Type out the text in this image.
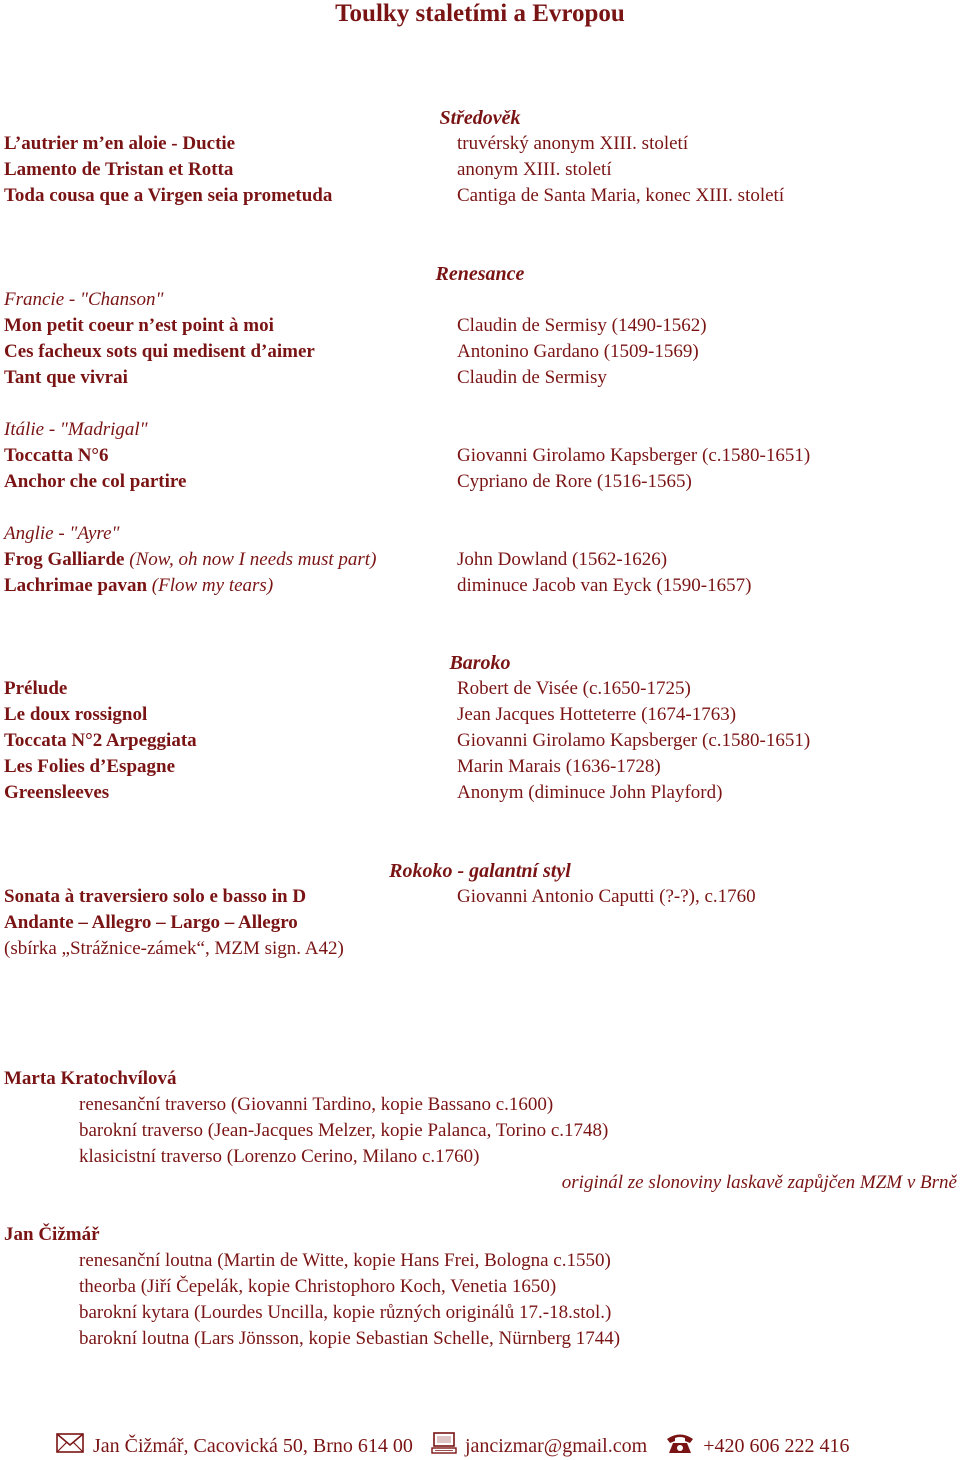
Toulky staletími a Evropou
Středověk
L’autrier m’en aloie - Ductie	truvérský anonym XIII. století
Lamento de Tristan et Rotta	anonym XIII. století
Toda cousa que a Virgen seia prometuda	Cantiga de Santa Maria, konec XIII. století
Renesance
Francie - "Chanson"
Mon petit coeur n’est point à moi	Claudin de Sermisy (1490-1562)
Ces facheux sots qui medisent d’aimer	Antonino Gardano (1509-1569)
Tant que vivrai	Claudin de Sermisy
Itálie - "Madrigal"
Toccatta N°6	Giovanni Girolamo Kapsberger (c.1580-1651)
Anchor che col partire	Cypriano de Rore (1516-1565)
Anglie - "Ayre"
Frog Galliarde (Now, oh now I needs must part)	John Dowland (1562-1626)
Lachrimae pavan (Flow my tears)	diminuce Jacob van Eyck (1590-1657)
Baroko
Prélude	Robert de Visée (c.1650-1725)
Le doux rossignol	Jean Jacques Hotteterre (1674-1763)
Toccata N°2 Arpeggiata	Giovanni Girolamo Kapsberger (c.1580-1651)
Les Folies d’Espagne	Marin Marais (1636-1728)
Greensleeves	Anonym (diminuce John Playford)
Rokoko - galantní styl
Sonata à traversiero solo e basso in D	Giovanni Antonio Caputti (?-?), c.1760
Andante – Allegro – Largo – Allegro
(sbírka „Strážnice-zámek“, MZM sign. A42)
Marta Kratochvílová
renesanční traverso (Giovanni Tardino, kopie Bassano c.1600)
barokní traverso (Jean-Jacques Melzer, kopie Palanca, Torino c.1748)
klasicistní traverso (Lorenzo Cerino, Milano c.1760)
originál ze slonoviny laskavě zapůjčen MZM v Brně
Jan Čižmář
renesanční loutna (Martin de Witte, kopie Hans Frei, Bologna c.1550)
theorba (Jiří Čepelák, kopie Christophoro Koch, Venetia 1650)
barokní kytara (Lourdes Uncilla, kopie různých originálů 17.-18.stol.)
barokní loutna (Lars Jönsson, kopie Sebastian Schelle, Nürnberg 1744)
Jan Čižmář, Cacovická 50, Brno 614 00	jancizmar@gmail.com	+420 606 222 416
